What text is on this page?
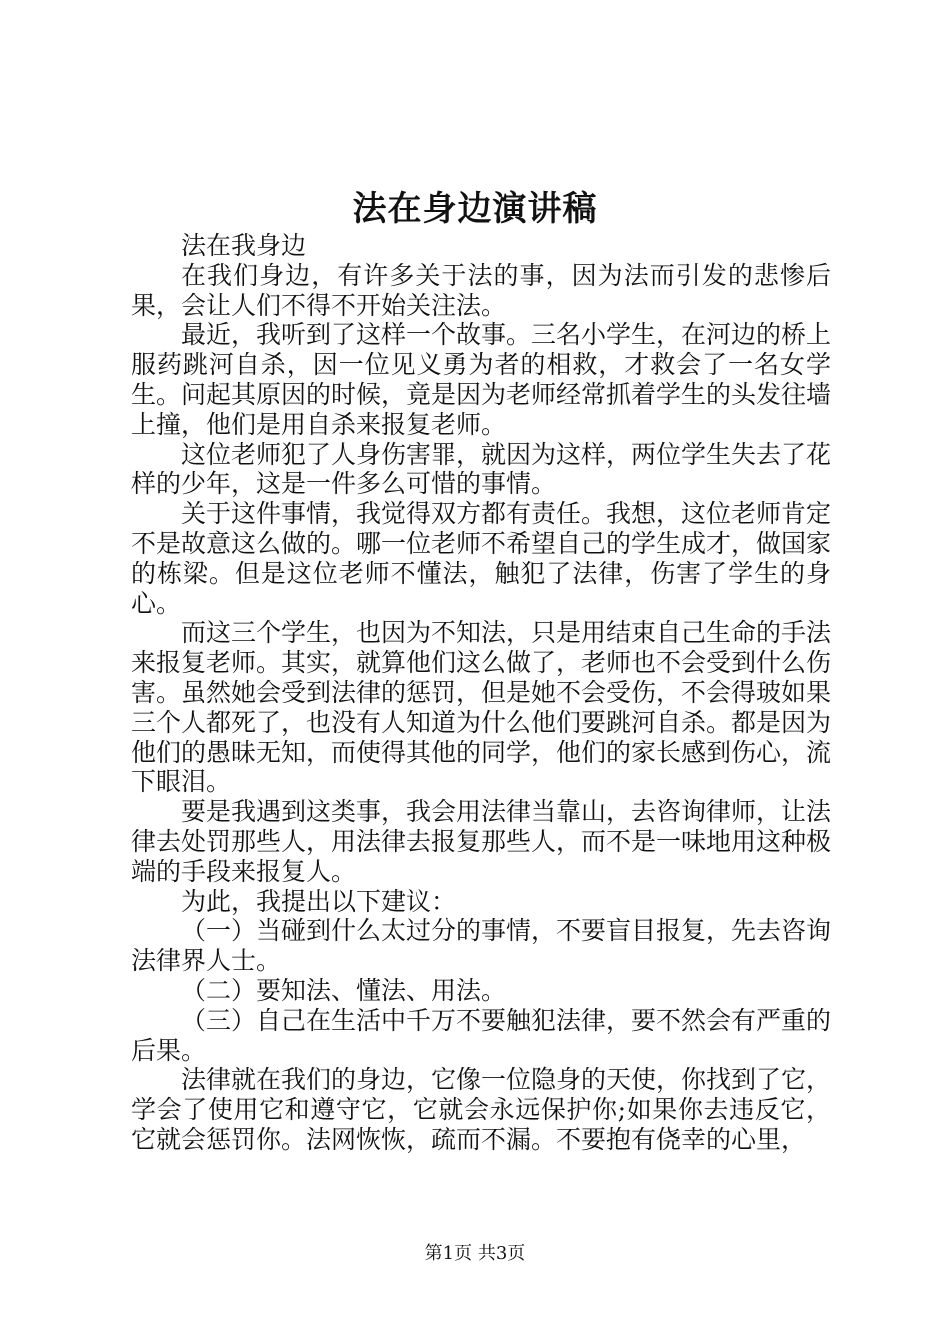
法在身边演讲稿

法在我身边

在我们身边，有许多关于法的事，因为法而引发的悲惨后果，会让人们不得不开始关注法。

最近，我听到了这样一个故事。三名小学生，在河边的桥上服药跳河自杀，因一位见义勇为者的相救，才救会了一名女学生。问起其原因的时候，竟是因为老师经常抓着学生的头发往墙上撞，他们是用自杀来报复老师。

这位老师犯了人身伤害罪，就因为这样，两位学生失去了花样的少年，这是一件多么可惜的事情。

关于这件事情，我觉得双方都有责任。我想，这位老师肯定不是故意这么做的。哪一位老师不希望自己的学生成才，做国家的栋梁。但是这位老师不懂法，触犯了法律，伤害了学生的身心。

而这三个学生，也因为不知法，只是用结束自己生命的手法来报复老师。其实，就算他们这么做了，老师也不会受到什么伤害。虽然她会受到法律的惩罚，但是她不会受伤，不会得玻如果三个人都死了，也没有人知道为什么他们要跳河自杀。都是因为他们的愚昧无知，而使得其他的同学，他们的家长感到伤心，流下眼泪。

要是我遇到这类事，我会用法律当靠山，去咨询律师，让法律去处罚那些人，用法律去报复那些人，而不是一味地用这种极端的手段来报复人。

为此，我提出以下建议：

（一）当碰到什么太过分的事情，不要盲目报复，先去咨询法律界人士。

（二）要知法、懂法、用法。

（三）自己在生活中千万不要触犯法律，要不然会有严重的后果。

法律就在我们的身边，它像一位隐身的天使，你找到了它，学会了使用它和遵守它，它就会永远保护你;如果你去违反它，它就会惩罚你。法网恢恢，疏而不漏。不要抱有侥幸的心里，

第1页 共3页
